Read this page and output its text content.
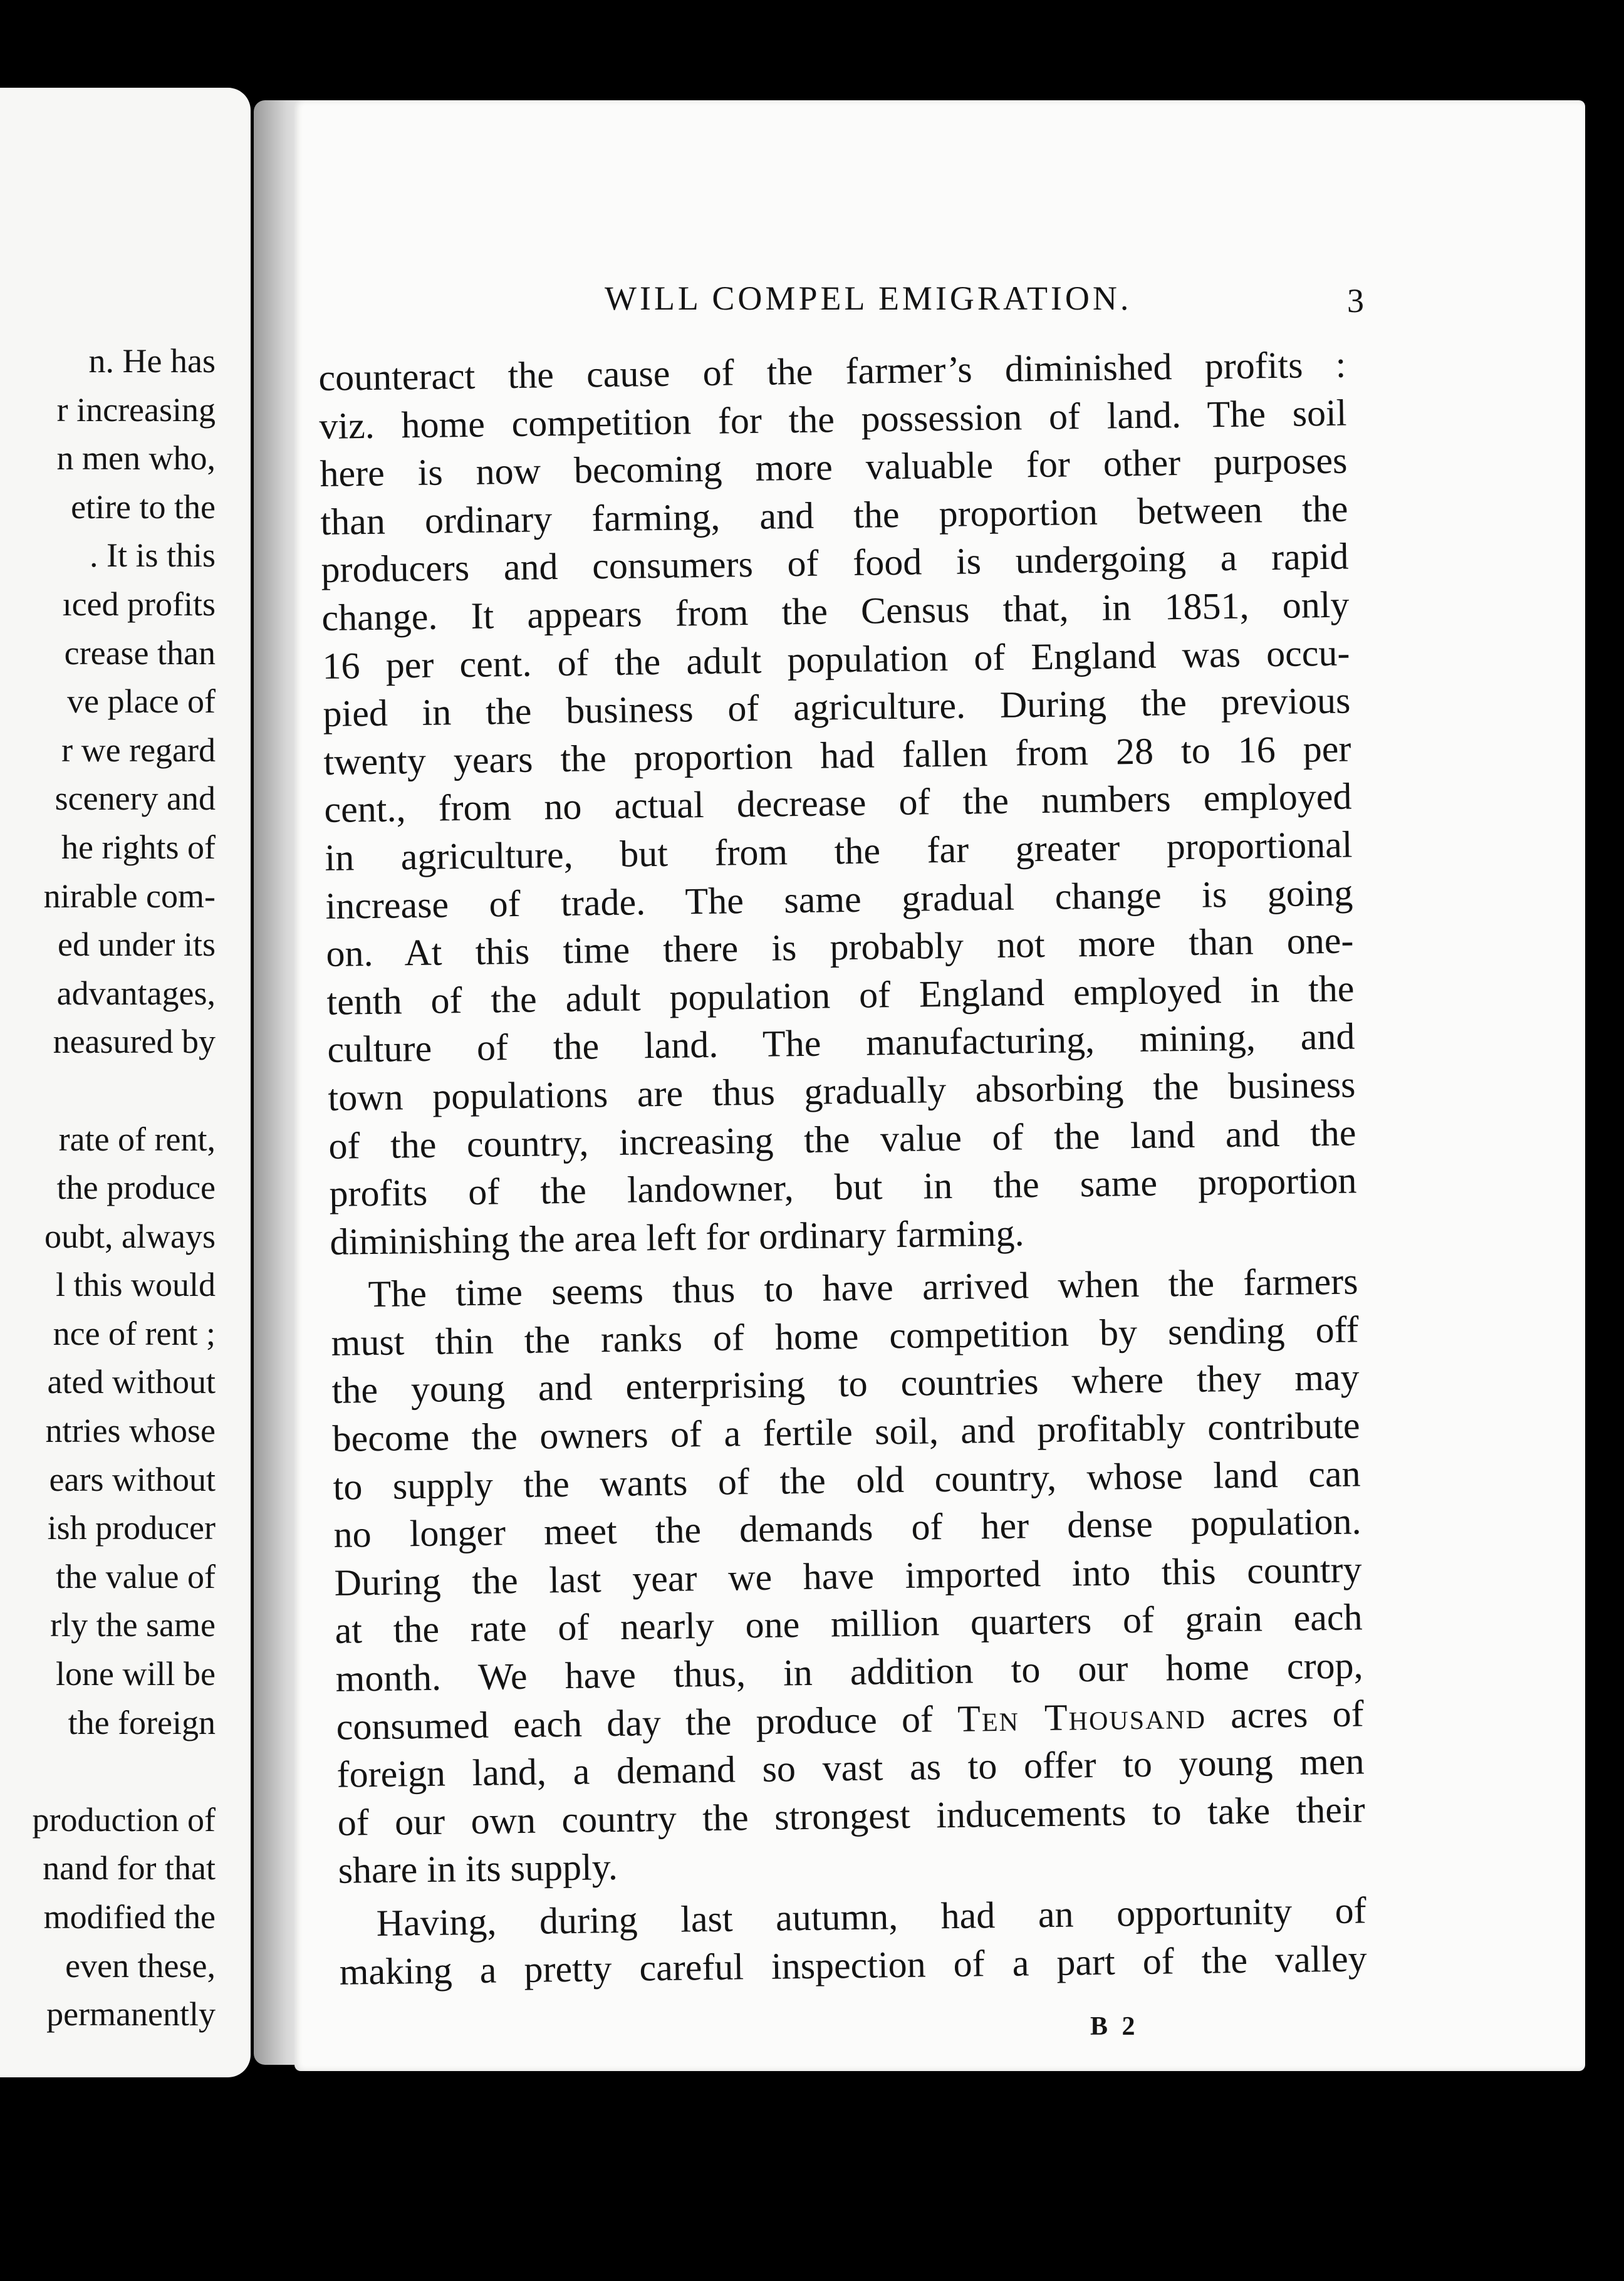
n. He has
r increasing
n men who,
etire to the
. It is this
ıced profits
crease than
ve place of
r we regard
scenery and
he rights of
nirable com-
ed under its
advantages,
neasured by
rate of rent,
the produce
oubt, always
l this would
nce of rent ;
ated without
ntries whose
ears without
ish producer
the value of
rly the same
lone will be
the foreign
production of
nand for that
modified the
even these,
permanently
WILL COMPEL EMIGRATION.	3
counteract the cause of the farmer’s diminished profits :
viz. home competition for the possession of land. The soil
here is now becoming more valuable for other purposes
than ordinary farming, and the proportion between the
producers and consumers of food is undergoing a rapid
change. It appears from the Census that, in 1851, only
16 per cent. of the adult population of England was occu-
pied in the business of agriculture. During the previous
twenty years the proportion had fallen from 28 to 16 per
cent., from no actual decrease of the numbers employed
in agriculture, but from the far greater proportional
increase of trade. The same gradual change is going
on. At this time there is probably not more than one-
tenth of the adult population of England employed in the
culture of the land. The manufacturing, mining, and
town populations are thus gradually absorbing the business
of the country, increasing the value of the land and the
profits of the landowner, but in the same proportion
diminishing the area left for ordinary farming.
The time seems thus to have arrived when the farmers
must thin the ranks of home competition by sending off
the young and enterprising to countries where they may
become the owners of a fertile soil, and profitably contribute
to supply the wants of the old country, whose land can
no longer meet the demands of her dense population.
During the last year we have imported into this country
at the rate of nearly one million quarters of grain each
month. We have thus, in addition to our home crop,
consumed each day the produce of Ten Thousand acres of
foreign land, a demand so vast as to offer to young men
of our own country the strongest inducements to take their
share in its supply.
Having, during last autumn, had an opportunity of
making a pretty careful inspection of a part of the valley
B 2
